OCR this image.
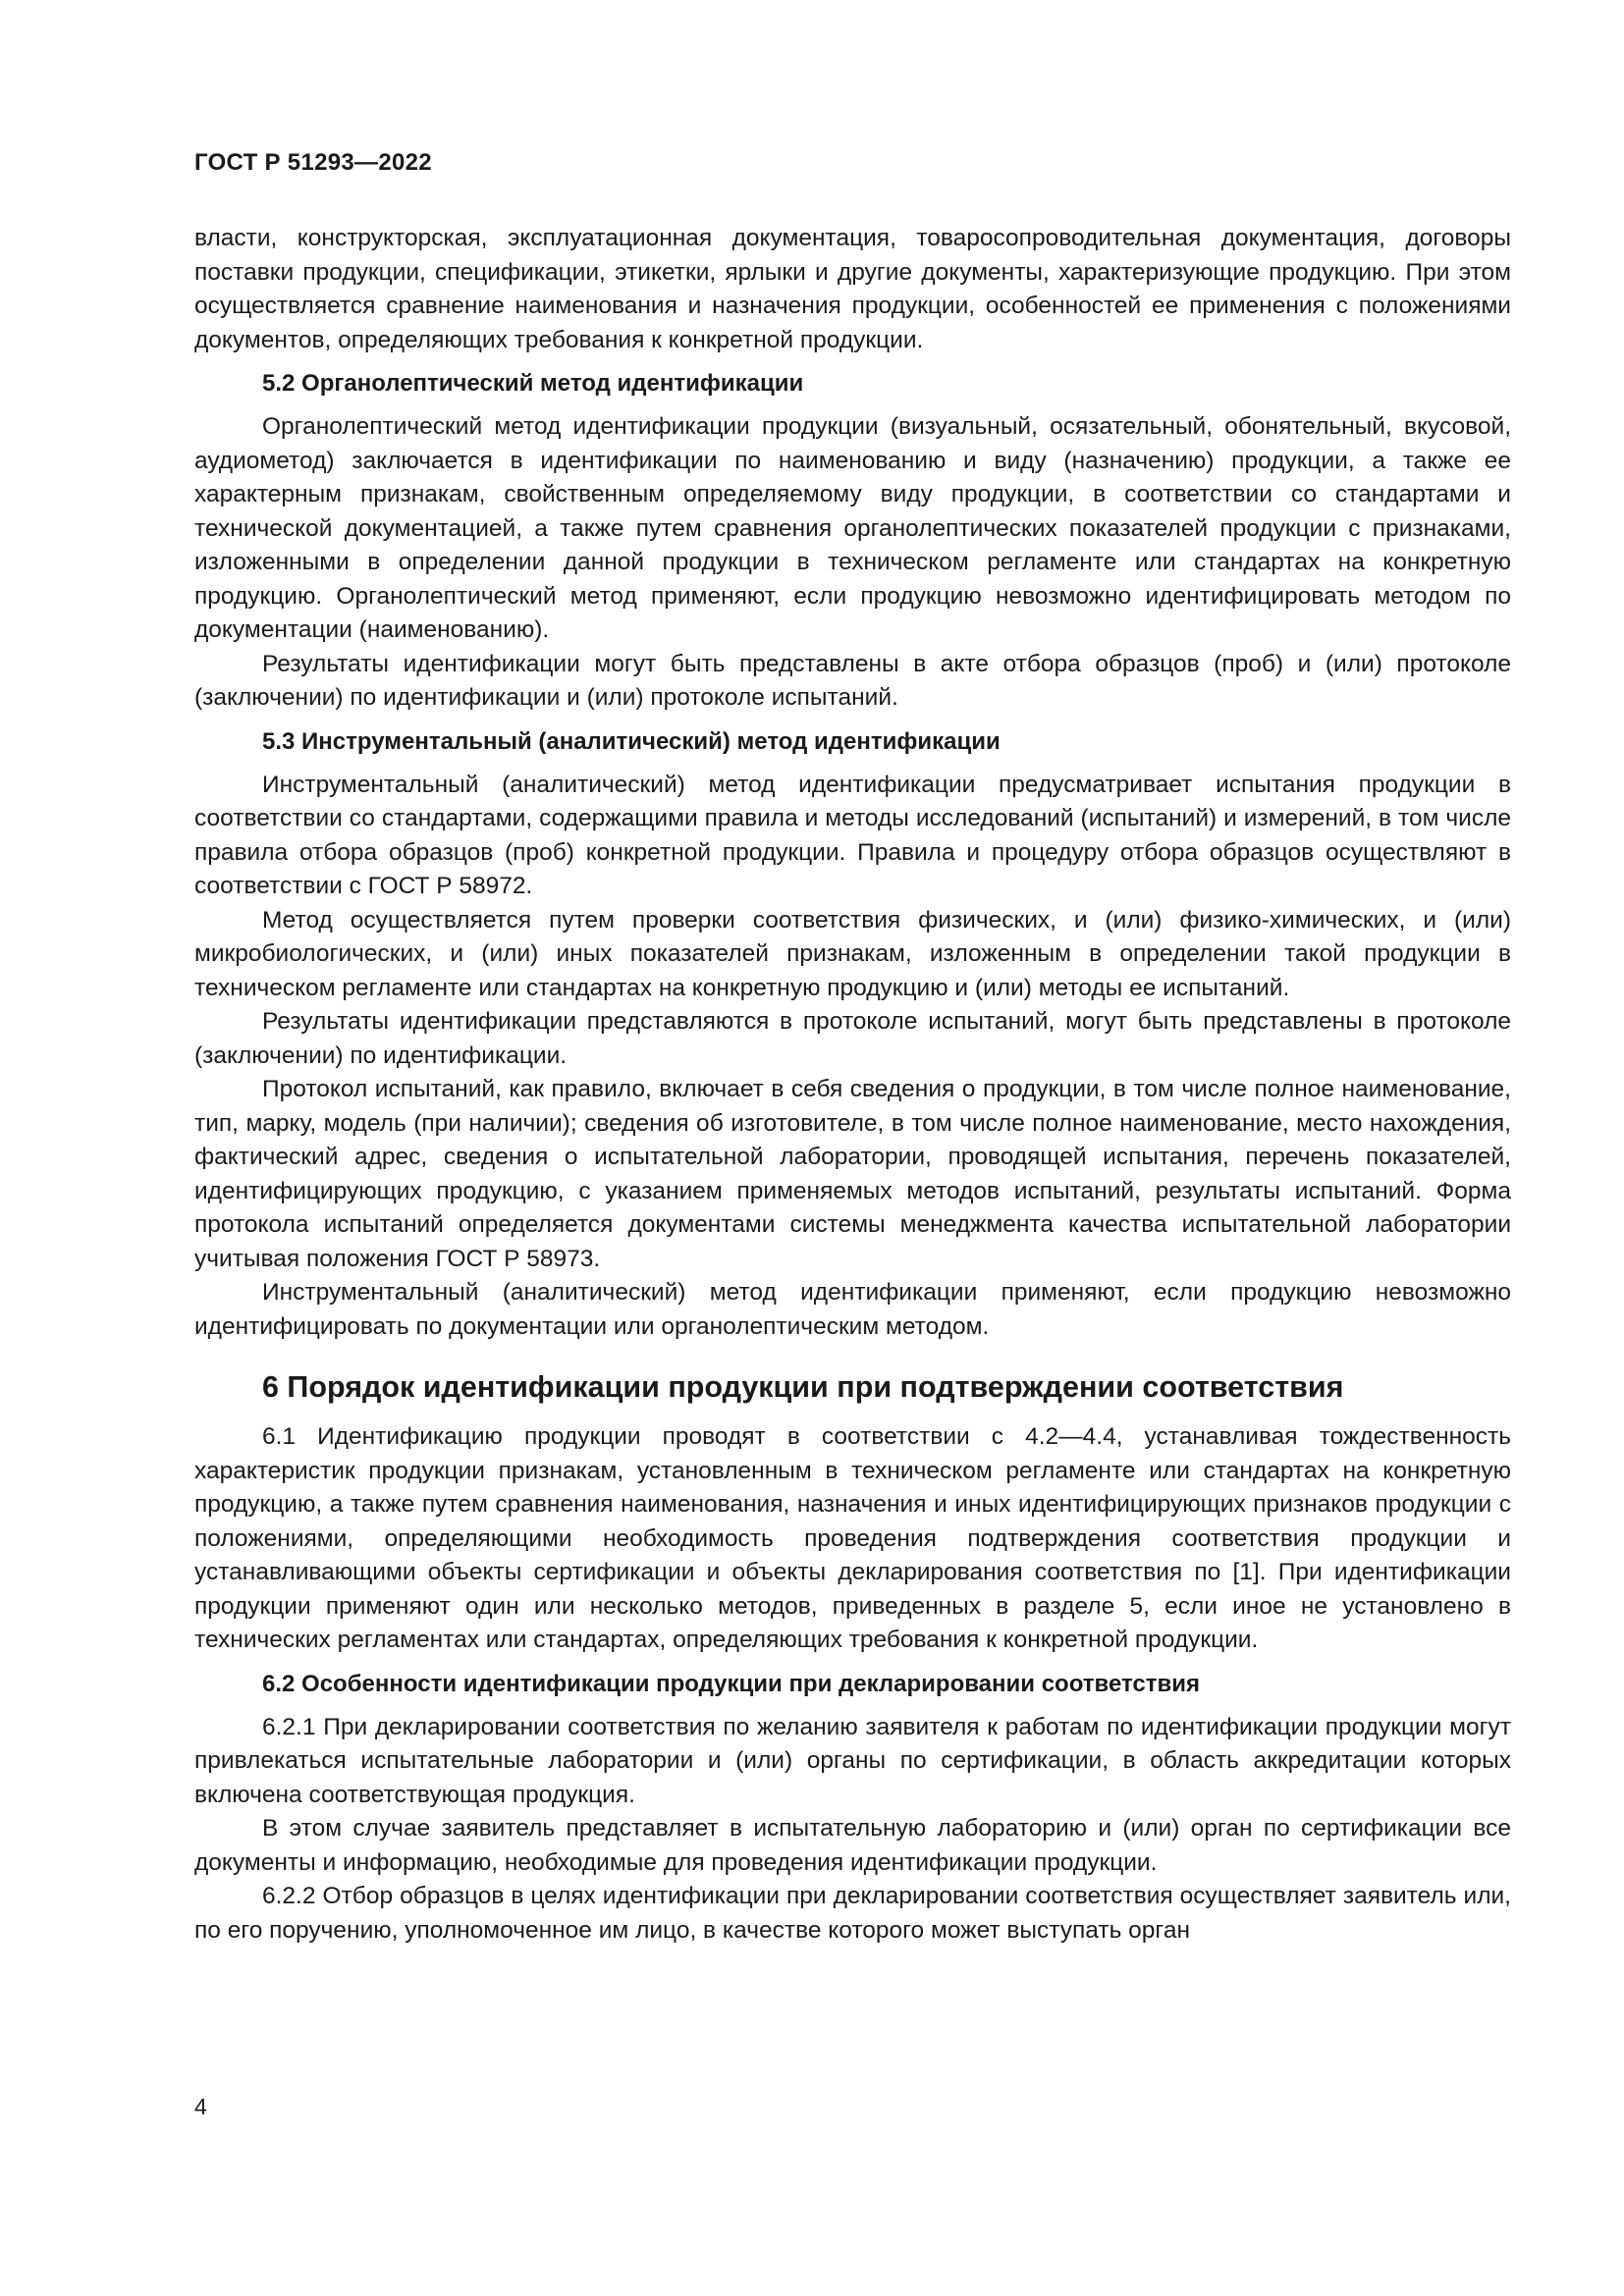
ГОСТ Р 51293—2022

власти, конструкторская, эксплуатационная документация, товаросопроводительная документация, договоры поставки продукции, спецификации, этикетки, ярлыки и другие документы, характеризующие продукцию. При этом осуществляется сравнение наименования и назначения продукции, особенностей ее применения с положениями документов, определяющих требования к конкретной продукции.

5.2 Органолептический метод идентификации

Органолептический метод идентификации продукции (визуальный, осязательный, обонятельный, вкусовой, аудиометод) заключается в идентификации по наименованию и виду (назначению) продукции, а также ее характерным признакам, свойственным определяемому виду продукции, в соответствии со стандартами и технической документацией, а также путем сравнения органолептических показателей продукции с признаками, изложенными в определении данной продукции в техническом регламенте или стандартах на конкретную продукцию. Органолептический метод применяют, если продукцию невозможно идентифицировать методом по документации (наименованию).

Результаты идентификации могут быть представлены в акте отбора образцов (проб) и (или) протоколе (заключении) по идентификации и (или) протоколе испытаний.

5.3 Инструментальный (аналитический) метод идентификации

Инструментальный (аналитический) метод идентификации предусматривает испытания продукции в соответствии со стандартами, содержащими правила и методы исследований (испытаний) и измерений, в том числе правила отбора образцов (проб) конкретной продукции. Правила и процедуру отбора образцов осуществляют в соответствии с ГОСТ Р 58972.

Метод осуществляется путем проверки соответствия физических, и (или) физико-химических, и (или) микробиологических, и (или) иных показателей признакам, изложенным в определении такой продукции в техническом регламенте или стандартах на конкретную продукцию и (или) методы ее испытаний.

Результаты идентификации представляются в протоколе испытаний, могут быть представлены в протоколе (заключении) по идентификации.

Протокол испытаний, как правило, включает в себя сведения о продукции, в том числе полное наименование, тип, марку, модель (при наличии); сведения об изготовителе, в том числе полное наименование, место нахождения, фактический адрес, сведения о испытательной лаборатории, проводящей испытания, перечень показателей, идентифицирующих продукцию, с указанием применяемых методов испытаний, результаты испытаний. Форма протокола испытаний определяется документами системы менеджмента качества испытательной лаборатории учитывая положения ГОСТ Р 58973.

Инструментальный (аналитический) метод идентификации применяют, если продукцию невозможно идентифицировать по документации или органолептическим методом.

6 Порядок идентификации продукции при подтверждении соответствия

6.1 Идентификацию продукции проводят в соответствии с 4.2—4.4, устанавливая тождественность характеристик продукции признакам, установленным в техническом регламенте или стандартах на конкретную продукцию, а также путем сравнения наименования, назначения и иных идентифицирующих признаков продукции с положениями, определяющими необходимость проведения подтверждения соответствия продукции и устанавливающими объекты сертификации и объекты декларирования соответствия по [1]. При идентификации продукции применяют один или несколько методов, приведенных в разделе 5, если иное не установлено в технических регламентах или стандартах, определяющих требования к конкретной продукции.

6.2 Особенности идентификации продукции при декларировании соответствия

6.2.1 При декларировании соответствия по желанию заявителя к работам по идентификации продукции могут привлекаться испытательные лаборатории и (или) органы по сертификации, в область аккредитации которых включена соответствующая продукция.

В этом случае заявитель представляет в испытательную лабораторию и (или) орган по сертификации все документы и информацию, необходимые для проведения идентификации продукции.

6.2.2 Отбор образцов в целях идентификации при декларировании соответствия осуществляет заявитель или, по его поручению, уполномоченное им лицо, в качестве которого может выступать орган

4
